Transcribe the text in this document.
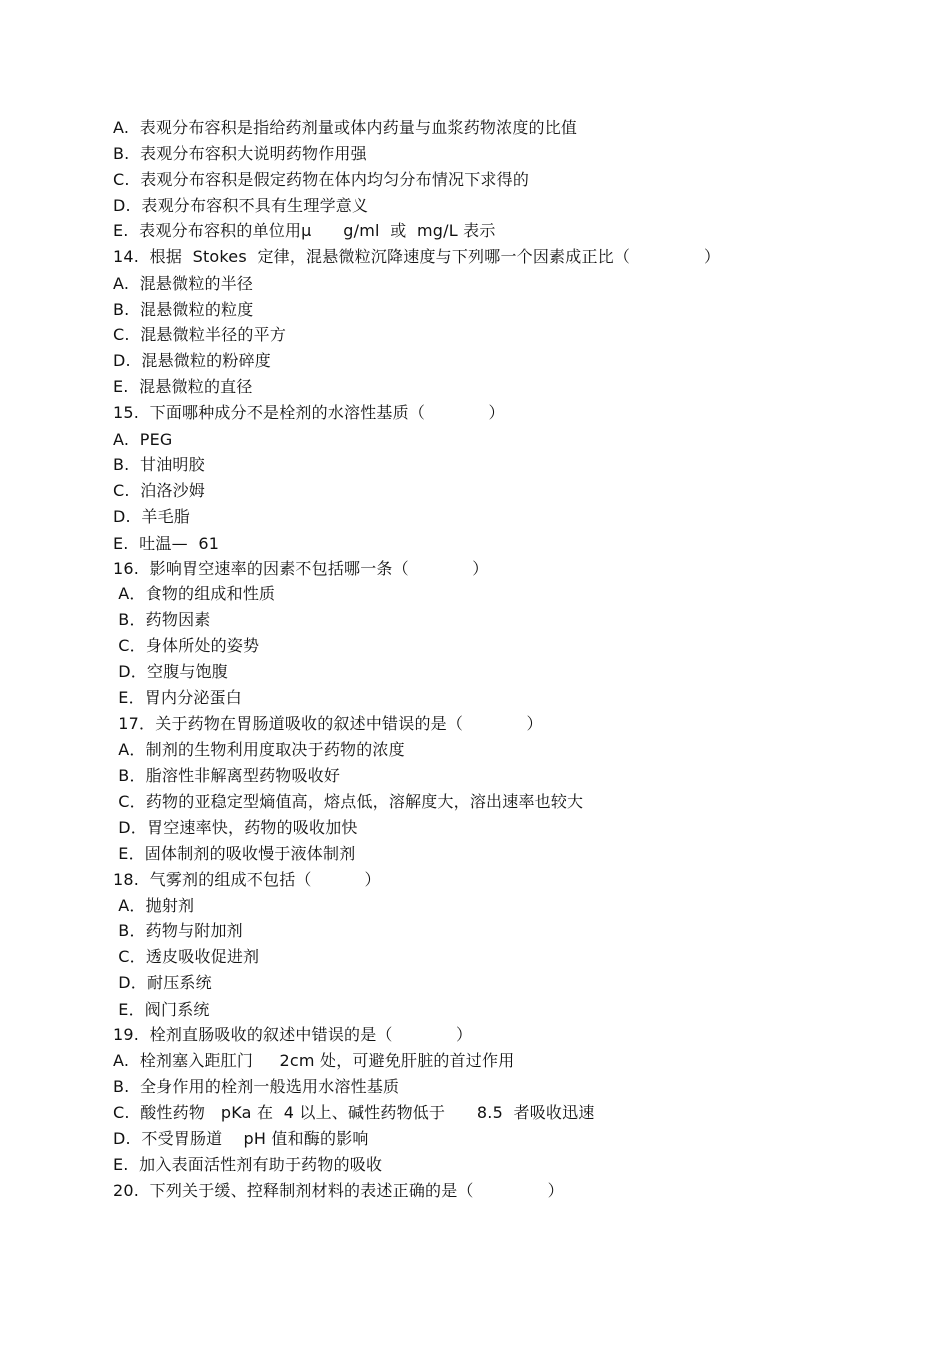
A.  表观分布容积是指给药剂量或体内药量与血浆药物浓度的比值
B.  表观分布容积大说明药物作用强
C.  表观分布容积是假定药物在体内均匀分布情况下求得的
D.  表观分布容积不具有生理学意义
E.  表观分布容积的单位用μ      g/ml  或  mg/L 表示
14.  根据  Stokes  定律，混悬微粒沉降速度与下列哪一个因素成正比（              ）
A.  混悬微粒的半径
B.  混悬微粒的粒度
C.  混悬微粒半径的平方
D.  混悬微粒的粉碎度
E.  混悬微粒的直径
15.  下面哪种成分不是栓剂的水溶性基质（            ）
A.  PEG
B.  甘油明胶
C.  泊洛沙姆
D.  羊毛脂
E.  吐温—  61
16.  影响胃空速率的因素不包括哪一条（            ）
A．食物的组成和性质
B．药物因素
C．身体所处的姿势
D．空腹与饱腹
E．胃内分泌蛋白
17．关于药物在胃肠道吸收的叙述中错误的是（            ）
A．制剂的生物利用度取决于药物的浓度
B．脂溶性非解离型药物吸收好
C．药物的亚稳定型熵值高，熔点低，溶解度大，溶出速率也较大
D．胃空速率快，药物的吸收加快
E．固体制剂的吸收慢于液体制剂
18.  气雾剂的组成不包括（          ）
A．抛射剂
B．药物与附加剂
C．透皮吸收促进剂
D．耐压系统
E．阀门系统
19.  栓剂直肠吸收的叙述中错误的是（            ）
A.  栓剂塞入距肛门     2cm 处，可避免肝脏的首过作用
B.  全身作用的栓剂一般选用水溶性基质
C.  酸性药物   pKa 在  4 以上、碱性药物低于      8.5  者吸收迅速
D.  不受胃肠道    pH 值和酶的影响
E.  加入表面活性剂有助于药物的吸收
20.  下列关于缓、控释制剂材料的表述正确的是（              ）
